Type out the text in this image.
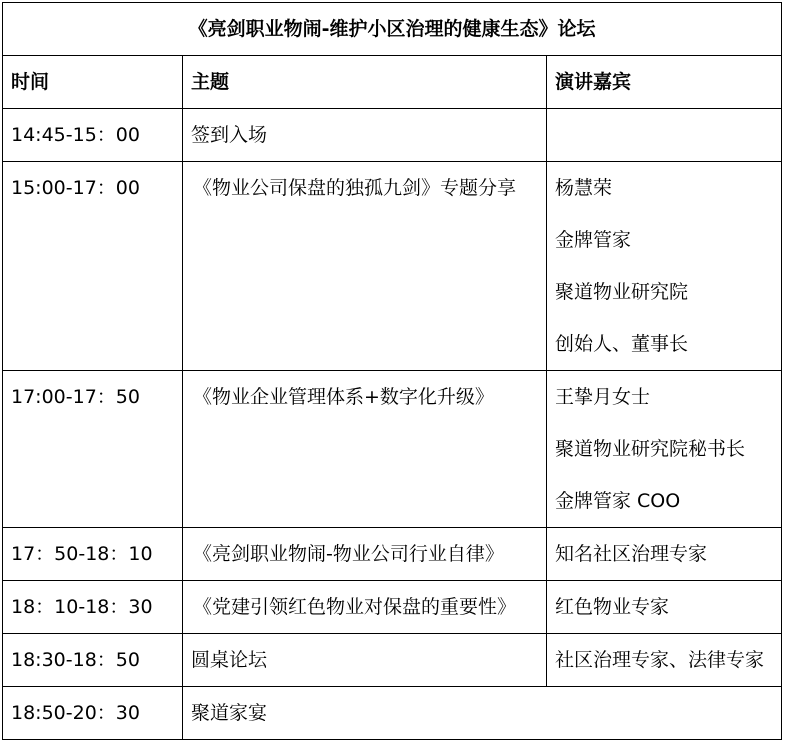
《亮剑职业物闹-维护小区治理的健康生态》论坛		
时间	主题	演讲嘉宾
14:45-15：00	签到入场	
15:00-17：00	《物业公司保盘的独孤九剑》专题分享	杨慧荣
金牌管家
聚道物业研究院
创始人、董事长

17:00-17：50	《物业企业管理体系+数字化升级》	王挚月女士
聚道物业研究院秘书长
金牌管家 COO

17：50-18：10	《亮剑职业物闹-物业公司行业自律》	知名社区治理专家
18：10-18：30	《党建引领红色物业对保盘的重要性》	红色物业专家
18:30-18：50	圆桌论坛	社区治理专家、法律专家
18:50-20：30	聚道家宴	
